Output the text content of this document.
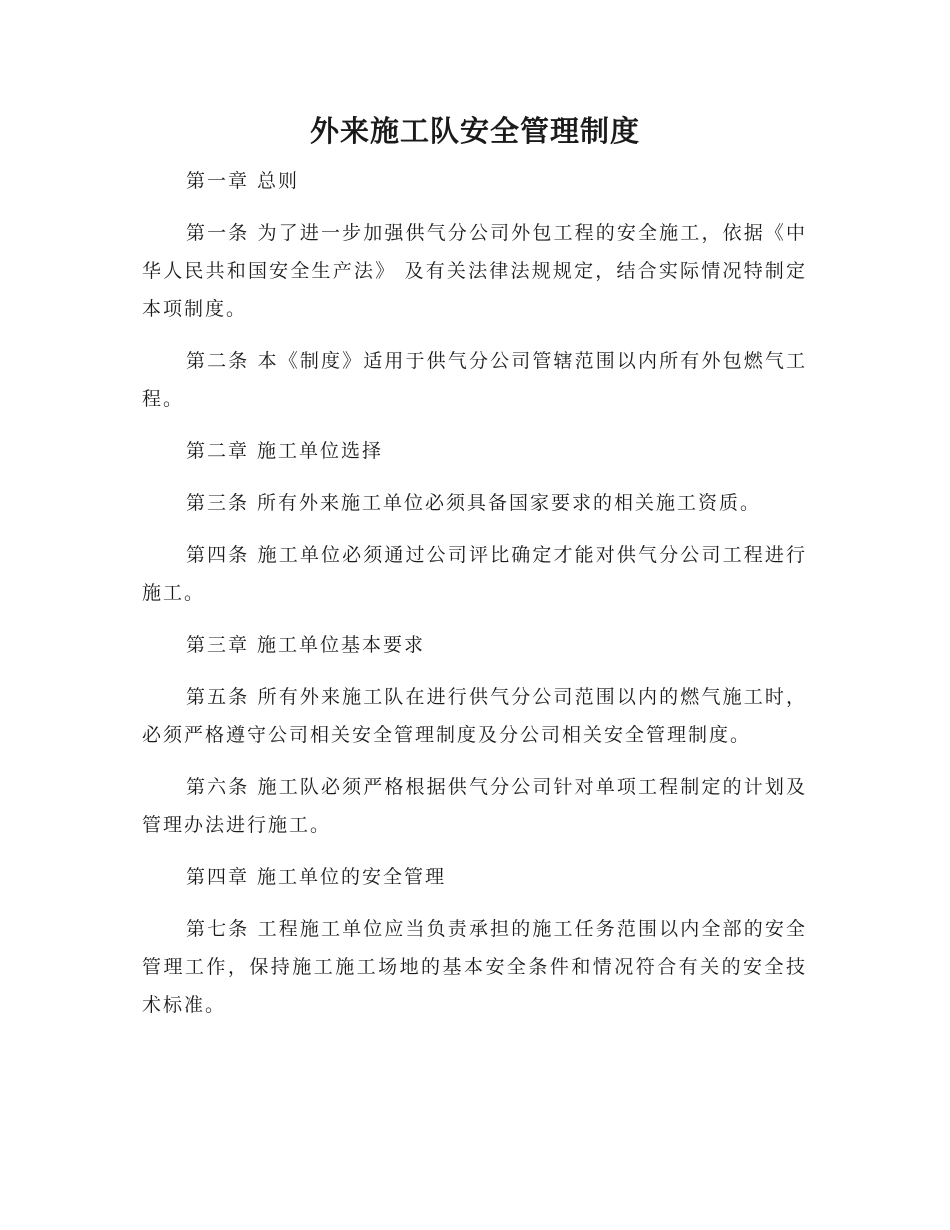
外来施工队安全管理制度

第一章 总则

第一条 为了进一步加强供气分公司外包工程的安全施工，依据《中华人民共和国安全生产法》 及有关法律法规规定，结合实际情况特制定本项制度。

第二条 本《制度》适用于供气分公司管辖范围以内所有外包燃气工程。

第二章 施工单位选择

第三条 所有外来施工单位必须具备国家要求的相关施工资质。

第四条 施工单位必须通过公司评比确定才能对供气分公司工程进行施工。

第三章 施工单位基本要求

第五条 所有外来施工队在进行供气分公司范围以内的燃气施工时，必须严格遵守公司相关安全管理制度及分公司相关安全管理制度。

第六条 施工队必须严格根据供气分公司针对单项工程制定的计划及管理办法进行施工。

第四章 施工单位的安全管理

第七条 工程施工单位应当负责承担的施工任务范围以内全部的安全管理工作，保持施工施工场地的基本安全条件和情况符合有关的安全技术标准。
